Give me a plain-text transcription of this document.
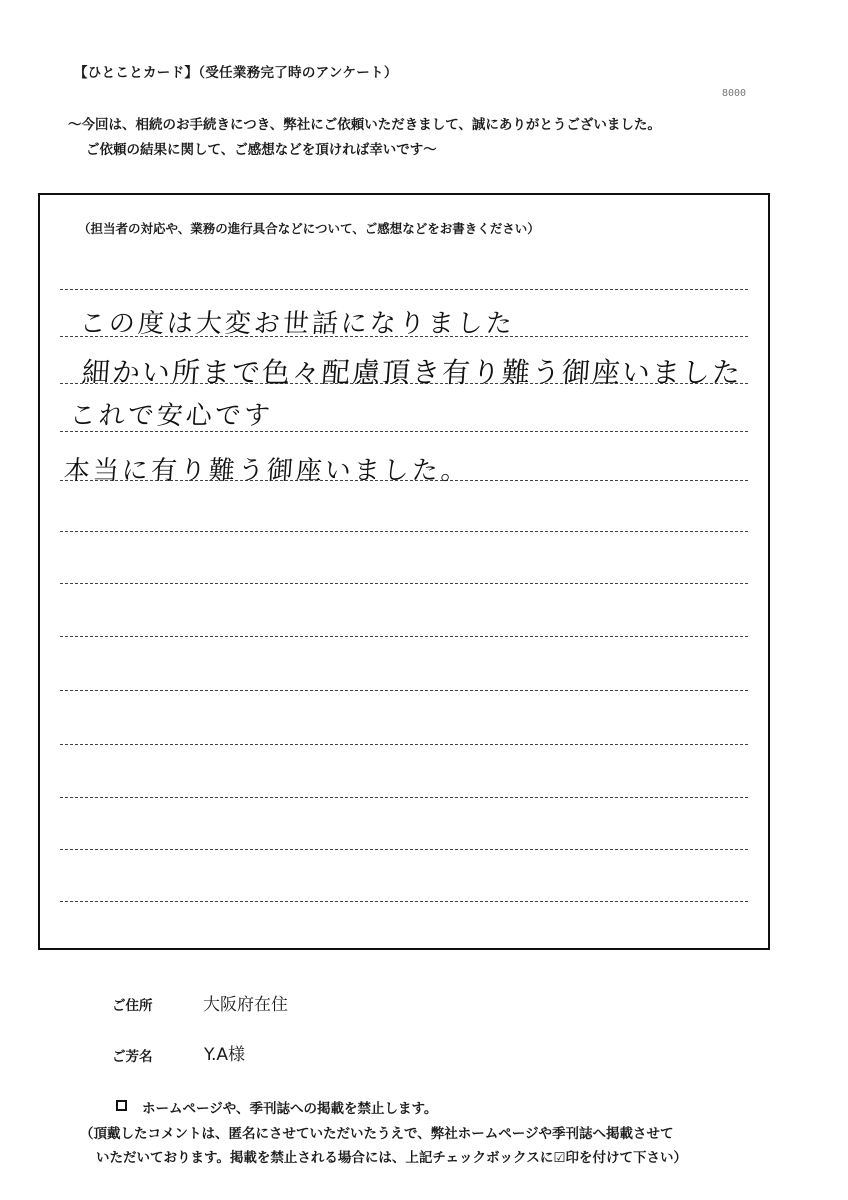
【ひとことカード】（受任業務完了時のアンケート）
8000
～今回は、相続のお手続きにつき、弊社にご依頼いただきまして、誠にありがとうございました。
ご依頼の結果に関して、ご感想などを頂ければ幸いです～
（担当者の対応や、業務の進行具合などについて、ご感想などをお書きください）
この度は大変お世話になりました
細かい所まで色々配慮頂き有り難う御座いました
これで安心です
本当に有り難う御座いました。
ご住所	大阪府在住
ご芳名	Y.A様
ホームページや、季刊誌への掲載を禁止します。
（頂戴したコメントは、匿名にさせていただいたうえで、弊社ホームページや季刊誌へ掲載させて
いただいております。掲載を禁止される場合には、上記チェックボックスに☑印を付けて下さい）
